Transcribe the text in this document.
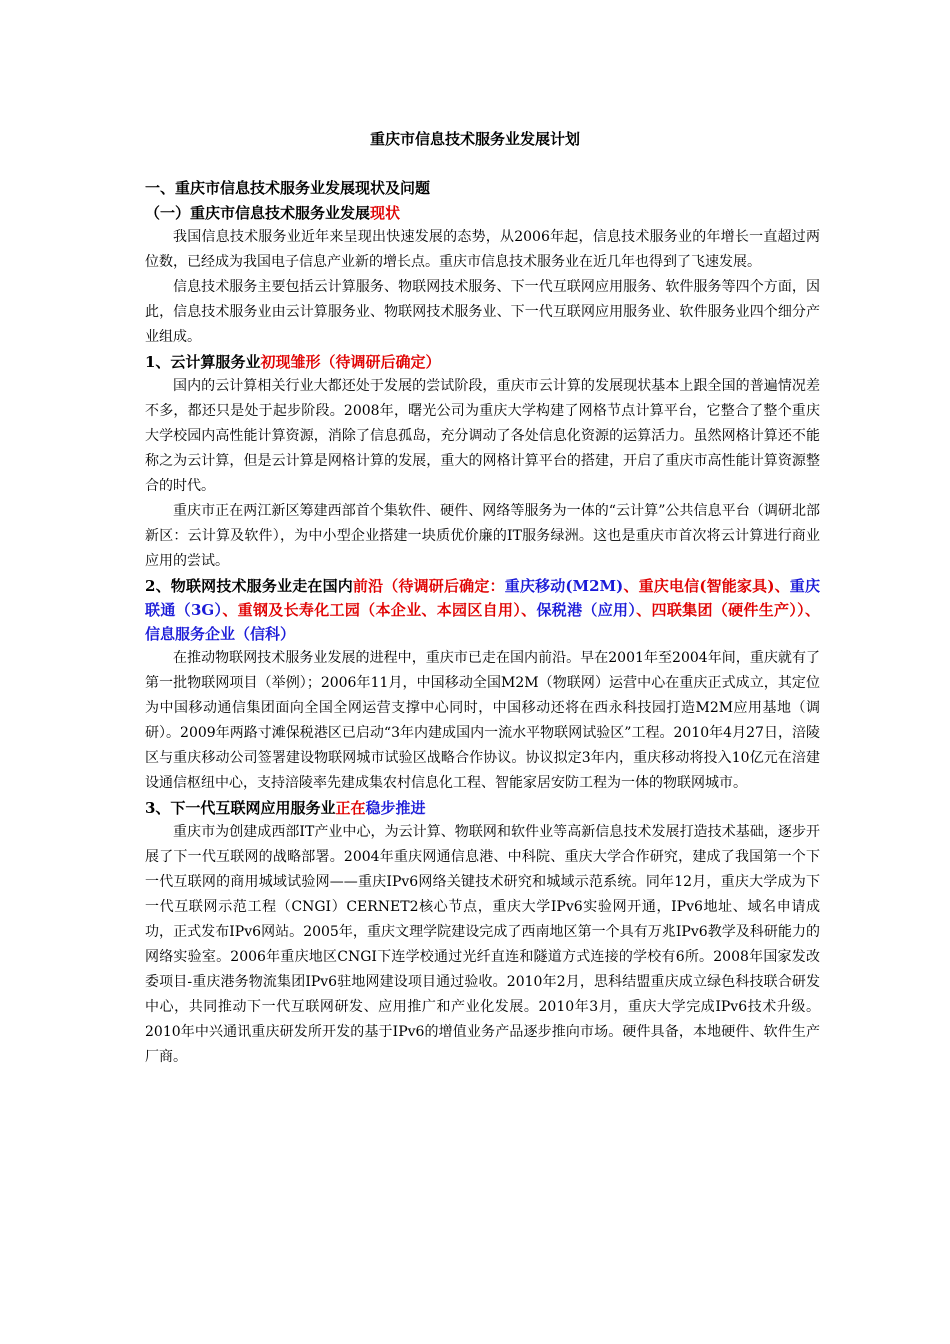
重庆市信息技术服务业发展计划
一、重庆市信息技术服务业发展现状及问题
（一）重庆市信息技术服务业发展现状

我国信息技术服务业近年来呈现出快速发展的态势，从2006年起，信息技术服务业的年增长一直超过两位数，已经成为我国电子信息产业新的增长点。重庆市信息技术服务业在近几年也得到了飞速发展。

信息技术服务主要包括云计算服务、物联网技术服务、下一代互联网应用服务、软件服务等四个方面，因此，信息技术服务业由云计算服务业、物联网技术服务业、下一代互联网应用服务业、软件服务业四个细分产业组成。

1、云计算服务业初现雏形（待调研后确定）

国内的云计算相关行业大都还处于发展的尝试阶段，重庆市云计算的发展现状基本上跟全国的普遍情况差不多，都还只是处于起步阶段。2008年，曙光公司为重庆大学构建了网格节点计算平台，它整合了整个重庆大学校园内高性能计算资源，消除了信息孤岛，充分调动了各处信息化资源的运算活力。虽然网格计算还不能称之为云计算，但是云计算是网格计算的发展，重大的网格计算平台的搭建，开启了重庆市高性能计算资源整合的时代。

重庆市正在两江新区筹建西部首个集软件、硬件、网络等服务为一体的“云计算”公共信息平台（调研北部新区：云计算及软件），为中小型企业搭建一块质优价廉的IT服务绿洲。这也是重庆市首次将云计算进行商业应用的尝试。

2、物联网技术服务业走在国内前沿（待调研后确定：重庆移动(M2M)、重庆电信(智能家具)、重庆联通（3G）、重钢及长寿化工园（本企业、本园区自用）、保税港（应用）、四联集团（硬件生产））、信息服务企业（信科）

在推动物联网技术服务业发展的进程中，重庆市已走在国内前沿。早在2001年至2004年间，重庆就有了第一批物联网项目（举例）；2006年11月，中国移动全国M2M（物联网）运营中心在重庆正式成立，其定位为中国移动通信集团面向全国全网运营支撑中心同时，中国移动还将在西永科技园打造M2M应用基地（调研）。2009年两路寸滩保税港区已启动“3年内建成国内一流水平物联网试验区”工程。2010年4月27日，涪陵区与重庆移动公司签署建设物联网城市试验区战略合作协议。协议拟定3年内，重庆移动将投入10亿元在涪建设通信枢纽中心，支持涪陵率先建成集农村信息化工程、智能家居安防工程为一体的物联网城市。

3、下一代互联网应用服务业正在稳步推进

重庆市为创建成西部IT产业中心，为云计算、物联网和软件业等高新信息技术发展打造技术基础，逐步开展了下一代互联网的战略部署。2004年重庆网通信息港、中科院、重庆大学合作研究，建成了我国第一个下一代互联网的商用城域试验网——重庆IPv6网络关键技术研究和城域示范系统。同年12月，重庆大学成为下一代互联网示范工程（CNGI）CERNET2核心节点，重庆大学IPv6实验网开通，IPv6地址、域名申请成功，正式发布IPv6网站。2005年，重庆文理学院建设完成了西南地区第一个具有万兆IPv6教学及科研能力的网络实验室。2006年重庆地区CNGI下连学校通过光纤直连和隧道方式连接的学校有6所。2008年国家发改委项目-重庆港务物流集团IPv6驻地网建设项目通过验收。2010年2月，思科结盟重庆成立绿色科技联合研发中心，共同推动下一代互联网研发、应用推广和产业化发展。2010年3月，重庆大学完成IPv6技术升级。2010年中兴通讯重庆研发所开发的基于IPv6的增值业务产品逐步推向市场。硬件具备，本地硬件、软件生产厂商。
